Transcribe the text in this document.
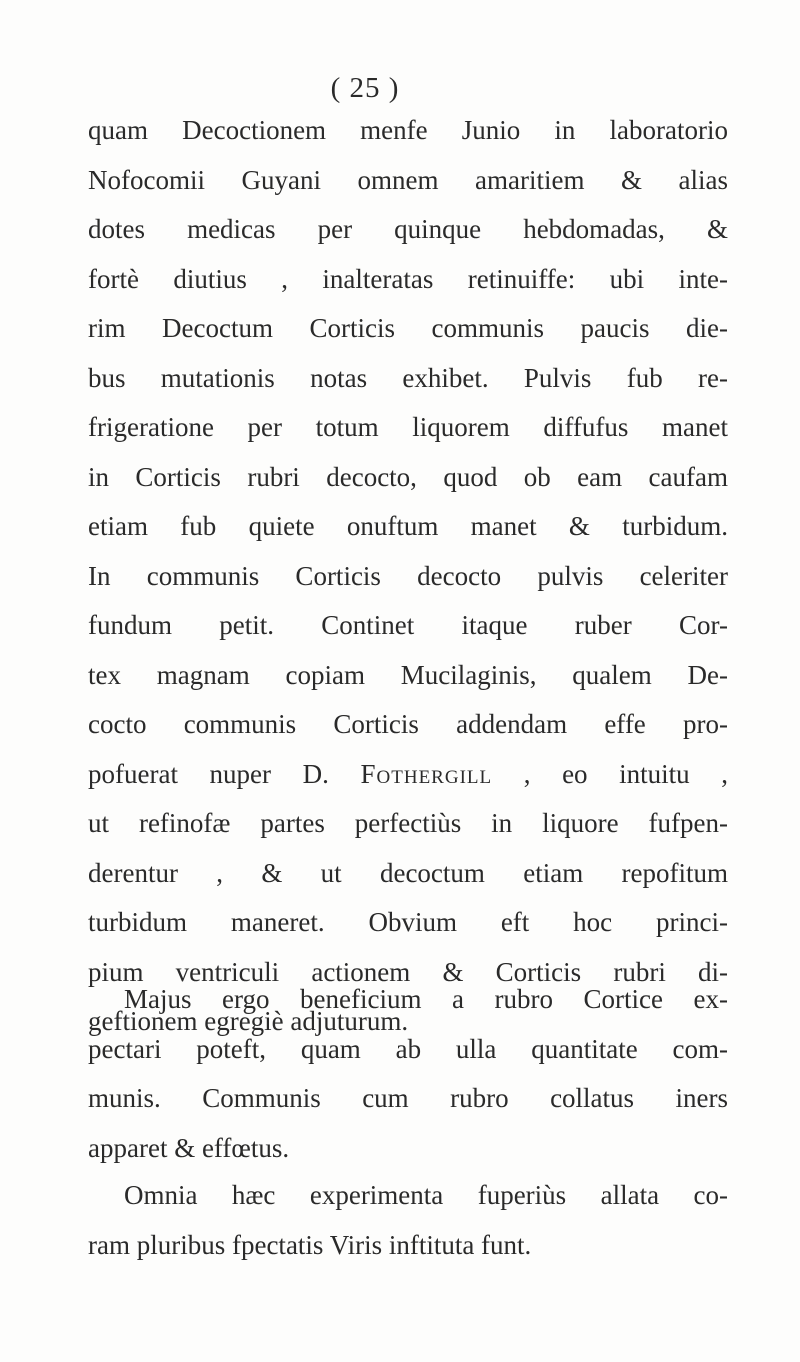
( 25 )
quam Decoctionem menfe Junio in laboratorio
Nofocomii Guyani omnem amaritiem & alias
dotes medicas per quinque hebdomadas, &
fortè diutius , inalteratas retinuiffe: ubi inte-
rim Decoctum Corticis communis paucis die-
bus mutationis notas exhibet. Pulvis fub re-
frigeratione per totum liquorem diffufus manet
in Corticis rubri decocto, quod ob eam caufam
etiam fub quiete onuftum manet & turbidum.
In communis Corticis decocto pulvis celeriter
fundum petit. Continet itaque ruber Cor-
tex magnam copiam Mucilaginis, qualem De-
cocto communis Corticis addendam effe pro-
pofuerat nuper D. Fothergill , eo intuitu ,
ut refinofæ partes perfectiùs in liquore fufpen-
derentur , & ut decoctum etiam repofitum
turbidum maneret. Obvium eft hoc princi-
pium ventriculi actionem & Corticis rubri di-
geftionem egregiè adjuturum.
Majus ergo beneficium a rubro Cortice ex-
pectari poteft, quam ab ulla quantitate com-
munis. Communis cum rubro collatus iners
apparet & effœtus.
Omnia hæc experimenta fuperiùs allata co-
ram pluribus fpectatis Viris inftituta funt.
